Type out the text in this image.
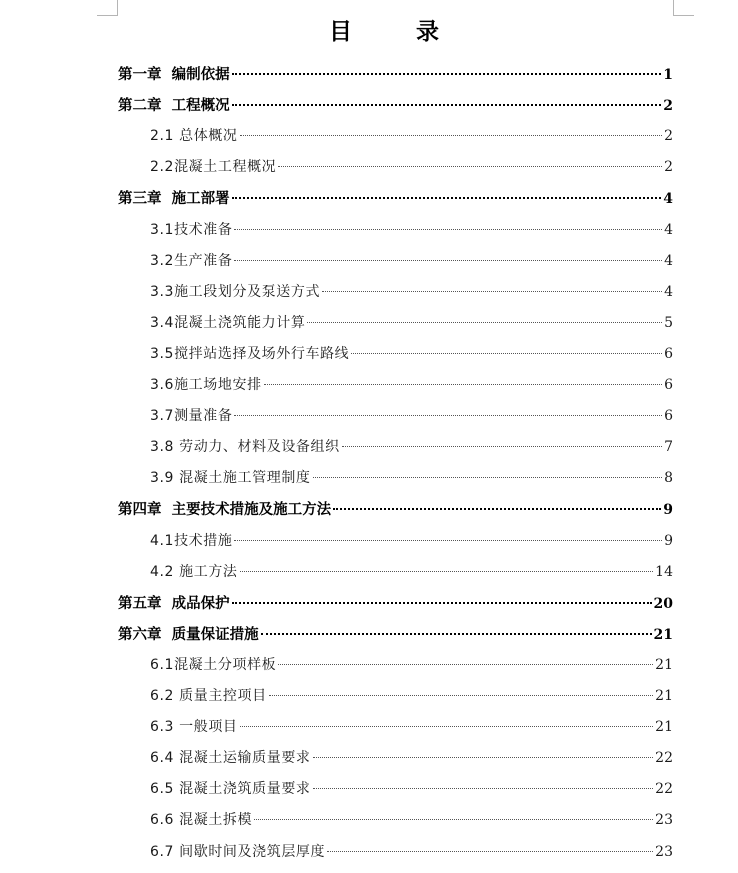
目 录
第一章  编制依据	1
第二章  工程概况	2
2.1 总体概况	2
2.2混凝土工程概况	2
第三章  施工部署	4
3.1技术准备	4
3.2生产准备	4
3.3施工段划分及泵送方式	4
3.4混凝土浇筑能力计算	5
3.5搅拌站选择及场外行车路线	6
3.6施工场地安排	6
3.7测量准备	6
3.8 劳动力、材料及设备组织	7
3.9 混凝土施工管理制度	8
第四章  主要技术措施及施工方法	9
4.1技术措施	9
4.2 施工方法	14
第五章  成品保护	20
第六章  质量保证措施	21
6.1混凝土分项样板	21
6.2 质量主控项目	21
6.3 一般项目	21
6.4 混凝土运输质量要求	22
6.5 混凝土浇筑质量要求	22
6.6 混凝土拆模	23
6.7 间歇时间及浇筑层厚度	23
